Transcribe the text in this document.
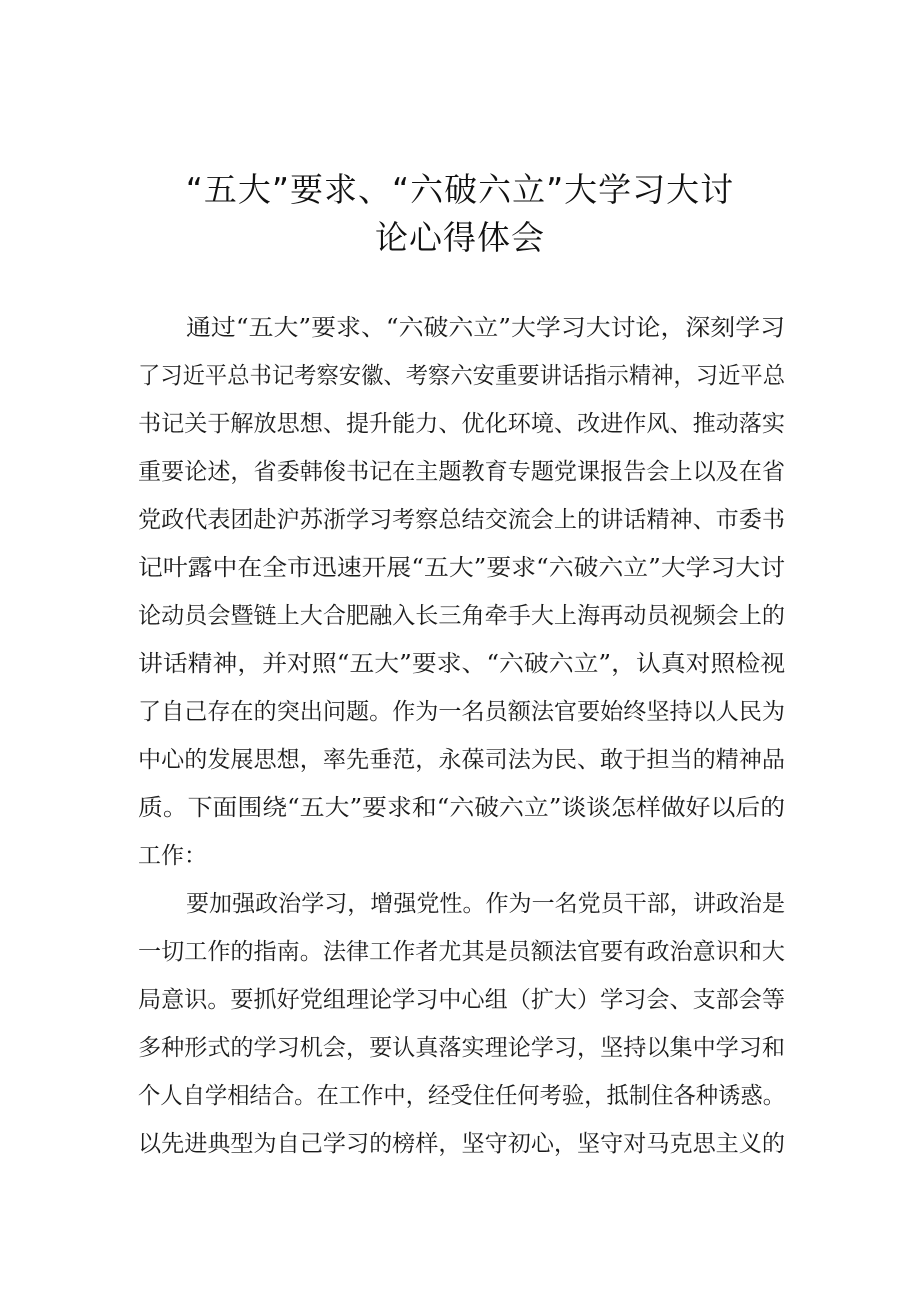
“五大”要求、“六破六立”大学习大讨
论心得体会

通过“五大”要求、“六破六立”大学习大讨论，深刻学习

了习近平总书记考察安徽、考察六安重要讲话指示精神，习近平总

书记关于解放思想、提升能力、优化环境、改进作风、推动落实

重要论述，省委韩俊书记在主题教育专题党课报告会上以及在省

党政代表团赴沪苏浙学习考察总结交流会上的讲话精神、市委书

记叶露中在全市迅速开展“五大”要求“六破六立”大学习大讨

论动员会暨链上大合肥融入长三角牵手大上海再动员视频会上的

讲话精神，并对照“五大”要求、“六破六立”，认真对照检视

了自己存在的突出问题。作为一名员额法官要始终坚持以人民为

中心的发展思想，率先垂范，永葆司法为民、敢于担当的精神品

质。下面围绕“五大”要求和“六破六立”谈谈怎样做好以后的

工作：

要加强政治学习，增强党性。作为一名党员干部，讲政治是

一切工作的指南。法律工作者尤其是员额法官要有政治意识和大

局意识。要抓好党组理论学习中心组（扩大）学习会、支部会等

多种形式的学习机会，要认真落实理论学习，坚持以集中学习和

个人自学相结合。在工作中，经受住任何考验，抵制住各种诱惑。

以先进典型为自己学习的榜样，坚守初心，坚守对马克思主义的
